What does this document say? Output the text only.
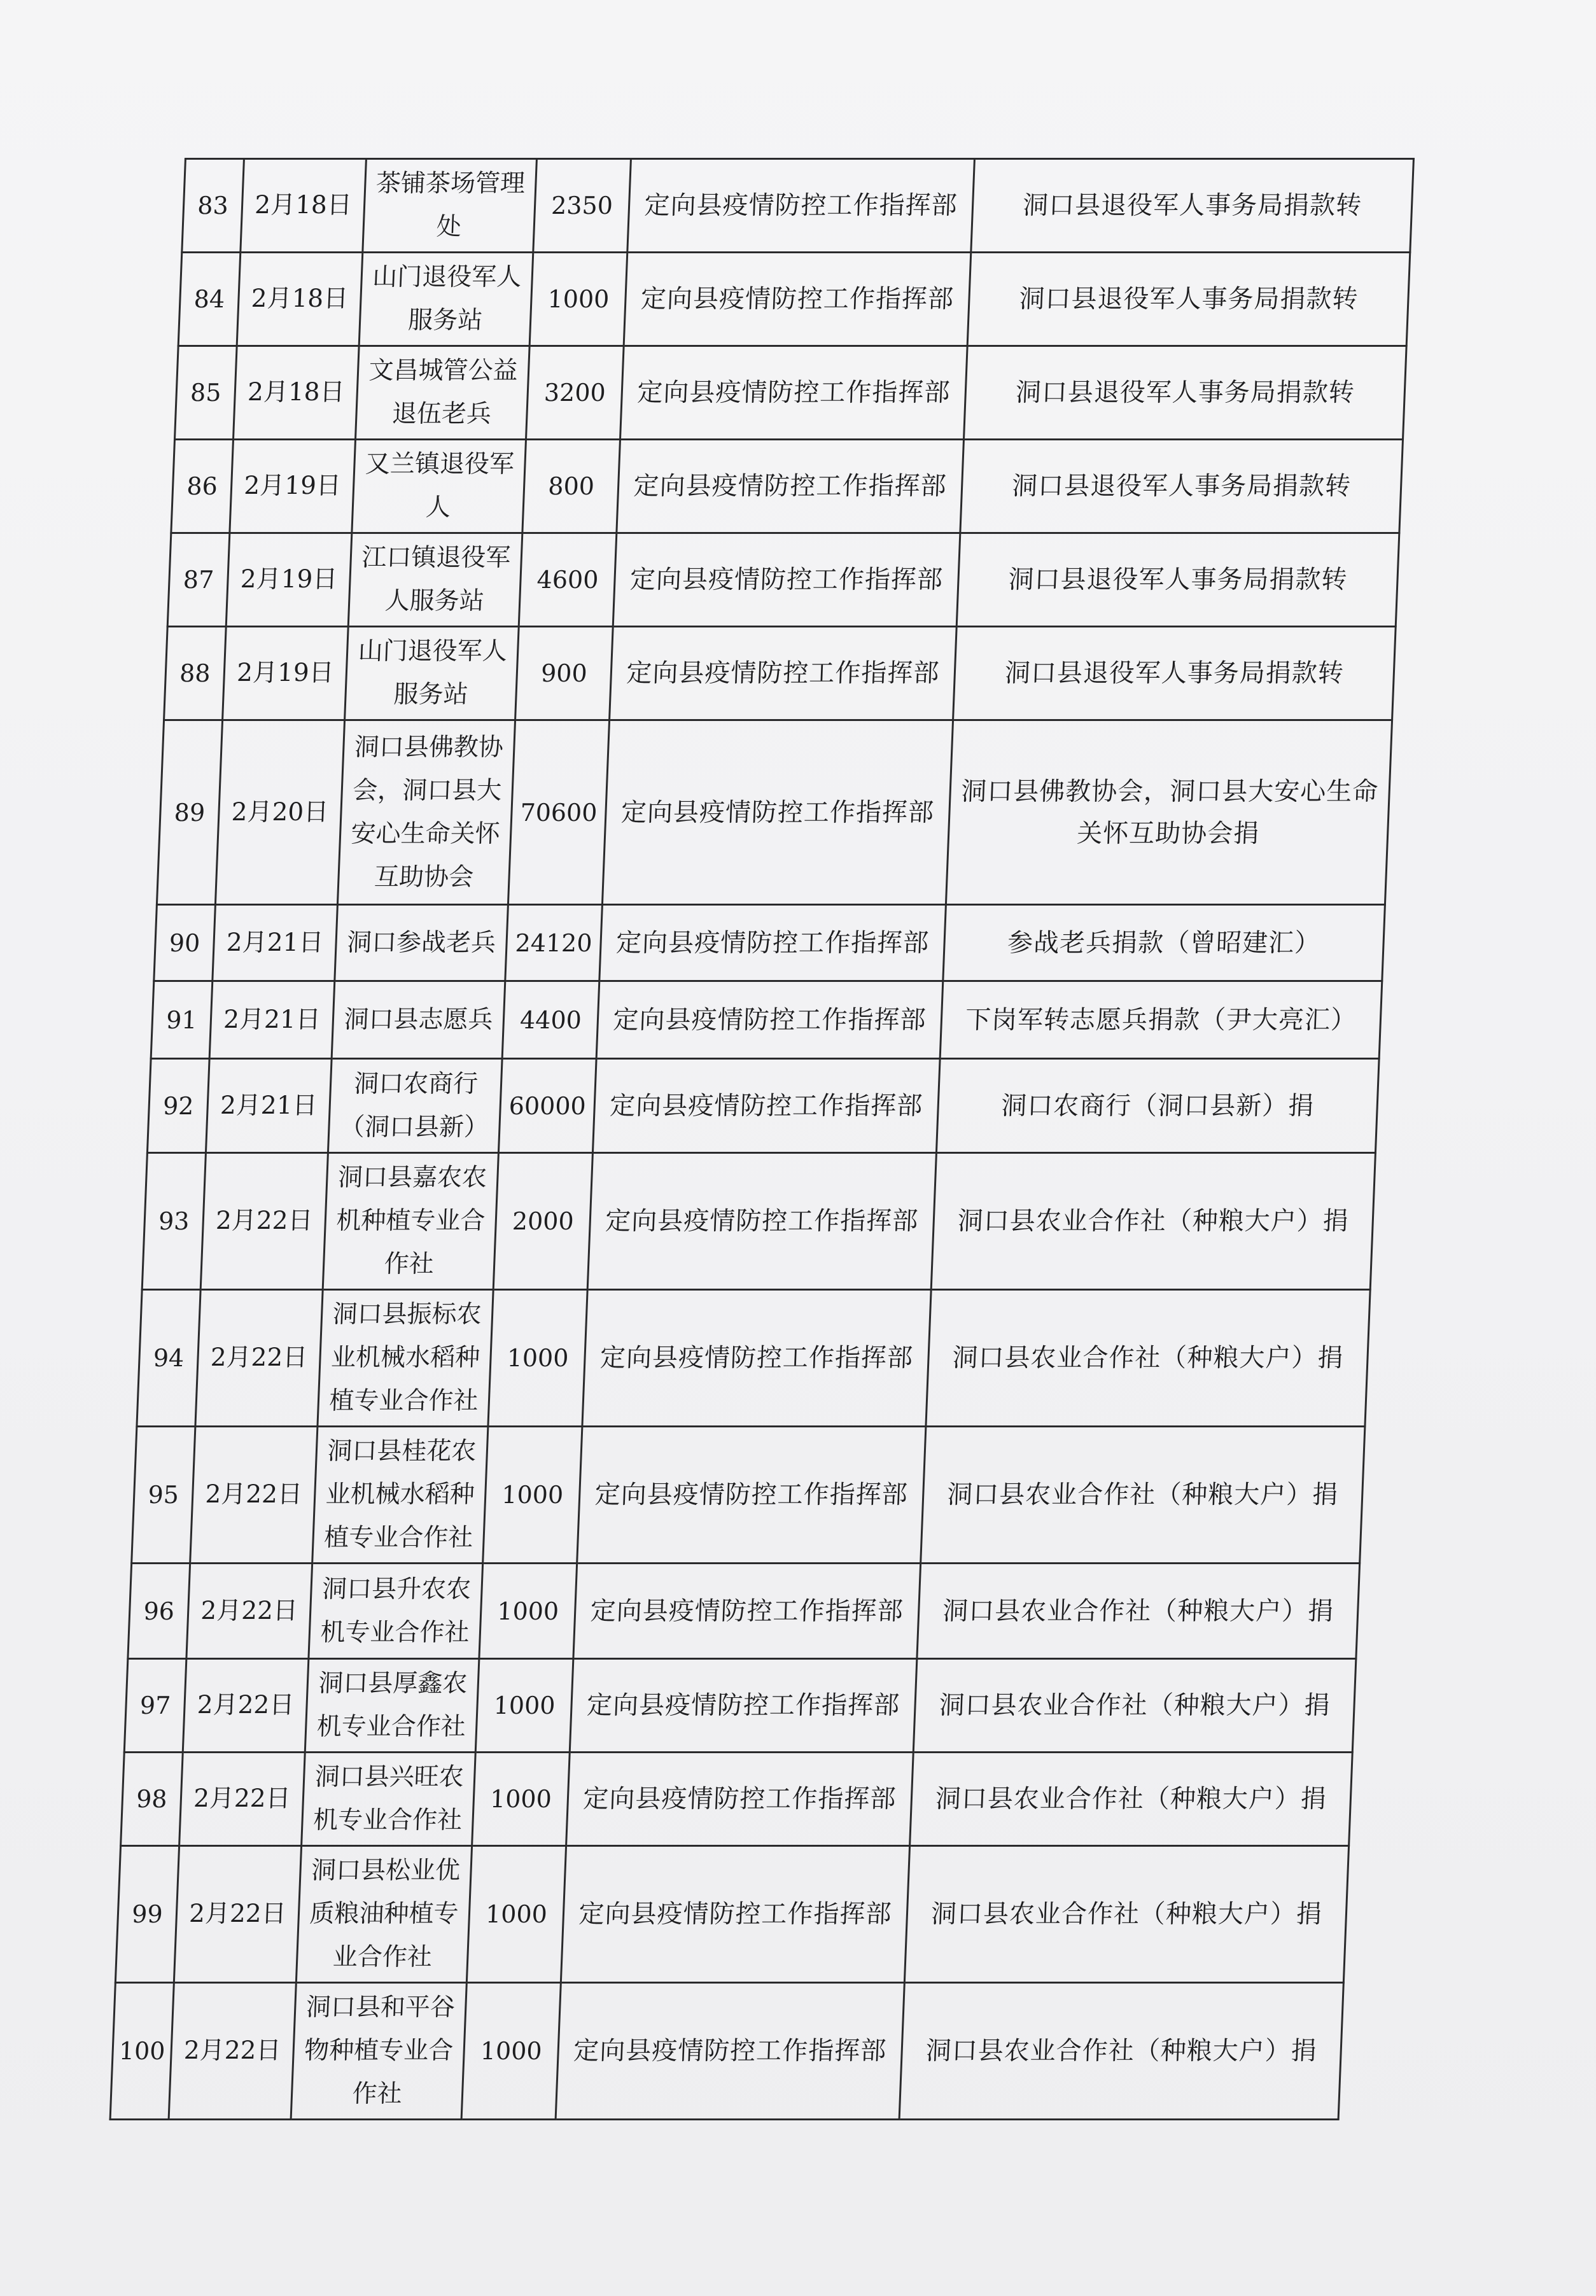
83	2月18日	茶铺茶场管理处	2350	定向县疫情防控工作指挥部	洞口县退役军人事务局捐款转
84	2月18日	山门退役军人服务站	1000	定向县疫情防控工作指挥部	洞口县退役军人事务局捐款转
85	2月18日	文昌城管公益退伍老兵	3200	定向县疫情防控工作指挥部	洞口县退役军人事务局捐款转
86	2月19日	又兰镇退役军人	800	定向县疫情防控工作指挥部	洞口县退役军人事务局捐款转
87	2月19日	江口镇退役军人服务站	4600	定向县疫情防控工作指挥部	洞口县退役军人事务局捐款转
88	2月19日	山门退役军人服务站	900	定向县疫情防控工作指挥部	洞口县退役军人事务局捐款转
89	2月20日	洞口县佛教协会，洞口县大安心生命关怀互助协会	70600	定向县疫情防控工作指挥部	洞口县佛教协会，洞口县大安心生命关怀互助协会捐
90	2月21日	洞口参战老兵	24120	定向县疫情防控工作指挥部	参战老兵捐款（曾昭建汇）
91	2月21日	洞口县志愿兵	4400	定向县疫情防控工作指挥部	下岗军转志愿兵捐款（尹大亮汇）
92	2月21日	洞口农商行（洞口县新）	60000	定向县疫情防控工作指挥部	洞口农商行（洞口县新）捐
93	2月22日	洞口县嘉农农机种植专业合作社	2000	定向县疫情防控工作指挥部	洞口县农业合作社（种粮大户）捐
94	2月22日	洞口县振标农业机械水稻种植专业合作社	1000	定向县疫情防控工作指挥部	洞口县农业合作社（种粮大户）捐
95	2月22日	洞口县桂花农业机械水稻种植专业合作社	1000	定向县疫情防控工作指挥部	洞口县农业合作社（种粮大户）捐
96	2月22日	洞口县升农农机专业合作社	1000	定向县疫情防控工作指挥部	洞口县农业合作社（种粮大户）捐
97	2月22日	洞口县厚鑫农机专业合作社	1000	定向县疫情防控工作指挥部	洞口县农业合作社（种粮大户）捐
98	2月22日	洞口县兴旺农机专业合作社	1000	定向县疫情防控工作指挥部	洞口县农业合作社（种粮大户）捐
99	2月22日	洞口县松业优质粮油种植专业合作社	1000	定向县疫情防控工作指挥部	洞口县农业合作社（种粮大户）捐
100	2月22日	洞口县和平谷物种植专业合作社	1000	定向县疫情防控工作指挥部	洞口县农业合作社（种粮大户）捐
